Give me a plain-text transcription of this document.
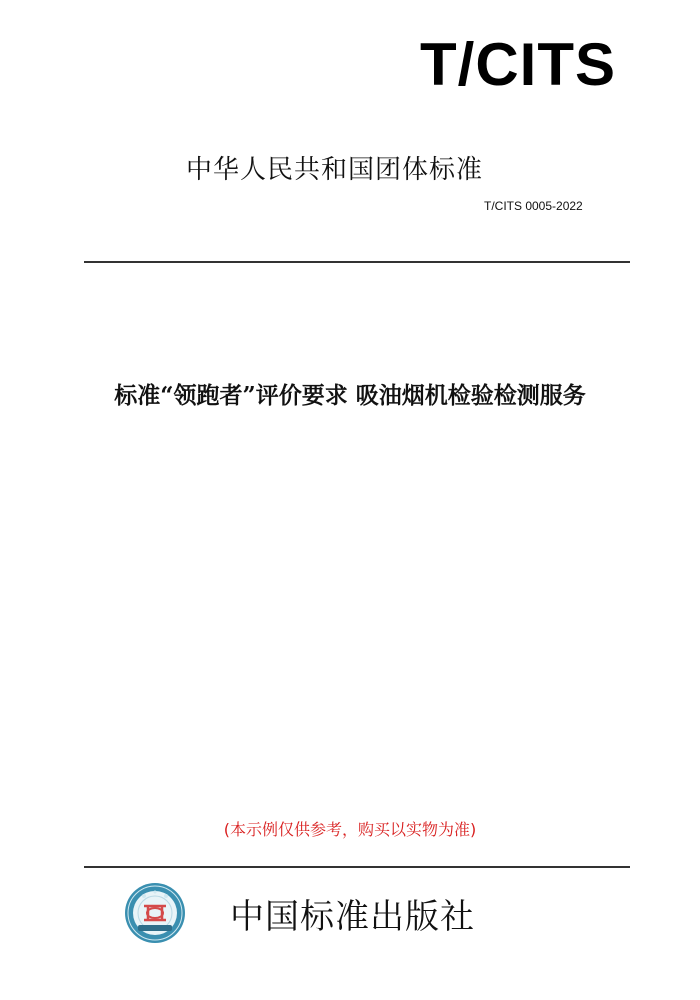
T/CITS
中华人民共和国团体标准
T/CITS 0005-2022
标准“领跑者”评价要求 吸油烟机检验检测服务
(本示例仅供参考，购买以实物为准)
中国标准出版社
